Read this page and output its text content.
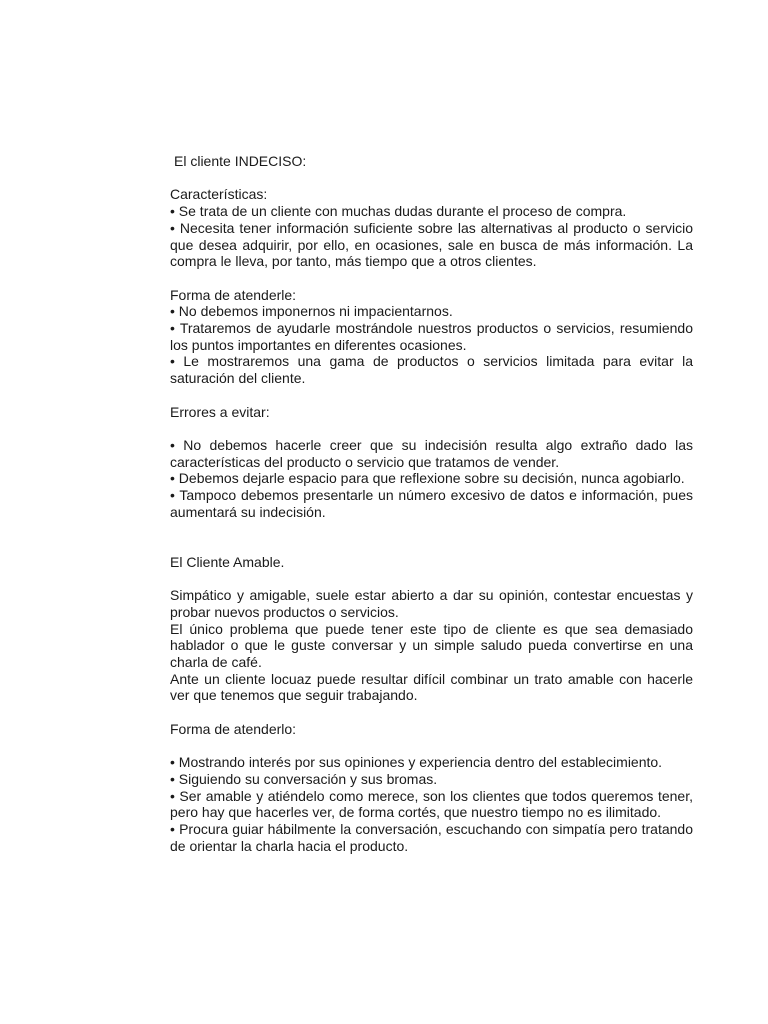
El cliente INDECISO:

Características:

• Se trata de un cliente con muchas dudas durante el proceso de compra.

• Necesita tener información suficiente sobre las alternativas al producto o servicio que desea adquirir, por ello, en ocasiones, sale en busca de más información. La compra le lleva, por tanto, más tiempo que a otros clientes.

Forma de atenderle:

• No debemos imponernos ni impacientarnos.

• Trataremos de ayudarle mostrándole nuestros productos o servicios, resumiendo los puntos importantes en diferentes ocasiones.

• Le mostraremos una gama de productos o servicios limitada para evitar la saturación del cliente.

Errores a evitar:

• No debemos hacerle creer que su indecisión resulta algo extraño dado las características del producto o servicio que tratamos de vender.

• Debemos dejarle espacio para que reflexione sobre su decisión, nunca agobiarlo.

• Tampoco debemos presentarle un número excesivo de datos e información, pues aumentará su indecisión.

El Cliente Amable.

Simpático y amigable, suele estar abierto a dar su opinión, contestar encuestas y probar nuevos productos o servicios.

El único problema que puede tener este tipo de cliente es que sea demasiado hablador o que le guste conversar y un simple saludo pueda convertirse en una charla de café.

Ante un cliente locuaz puede resultar difícil combinar un trato amable con hacerle ver que tenemos que seguir trabajando.

Forma de atenderlo:

• Mostrando interés por sus opiniones y experiencia dentro del establecimiento.

• Siguiendo su conversación y sus bromas.

• Ser amable y atiéndelo como merece, son los clientes que todos queremos tener, pero hay que hacerles ver, de forma cortés, que nuestro tiempo no es ilimitado.

• Procura guiar hábilmente la conversación, escuchando con simpatía pero tratando de orientar la charla hacia el producto.
